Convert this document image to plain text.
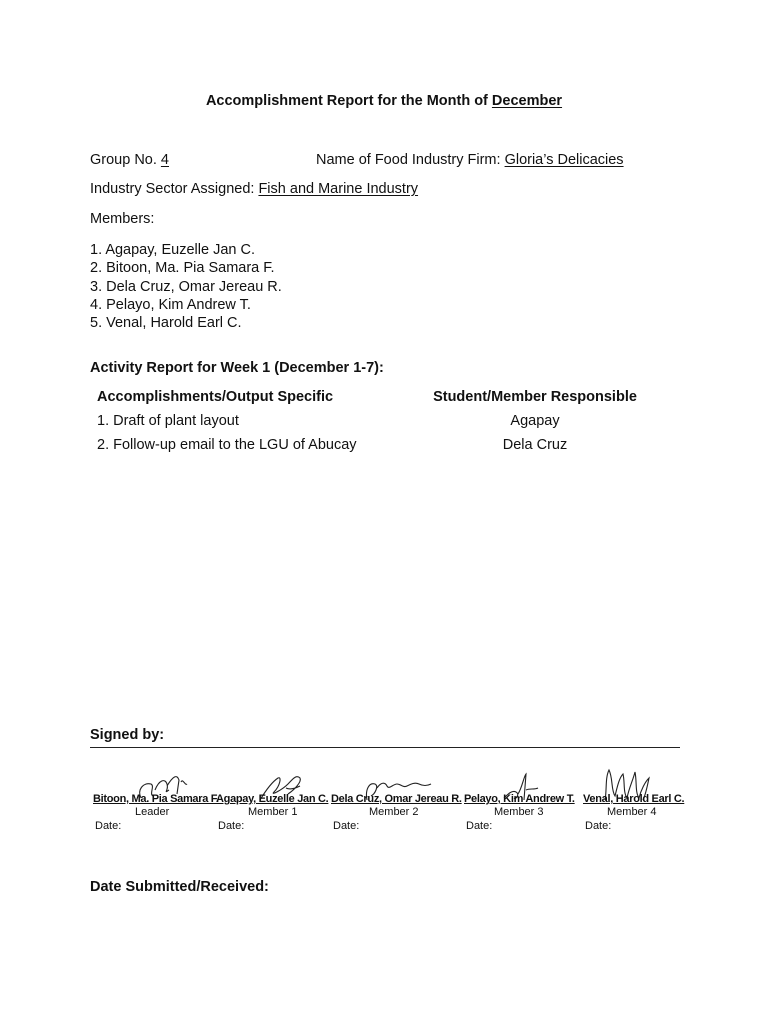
Accomplishment Report for the Month of December
Group No. 4	Name of Food Industry Firm: Gloria’s Delicacies
Industry Sector Assigned: Fish and Marine Industry
Members:
1. Agapay, Euzelle Jan C.
2. Bitoon, Ma. Pia Samara F.
3. Dela Cruz, Omar Jereau R.
4. Pelayo, Kim Andrew T.
5. Venal, Harold Earl C.
Activity Report for Week 1 (December 1-7):
Accomplishments/Output Specific	Student/Member Responsible
1. Draft of plant layout	Agapay
2. Follow-up email to the LGU of Abucay	Dela Cruz
Signed by:
Bitoon, Ma. Pia Samara F.
Leader
Date:
Agapay, Euzelle Jan C.
Member 1
Date:
Dela Cruz, Omar Jereau R.
Member 2
Date:
Pelayo, Kim Andrew T.
Member 3
Date:
Venal, Harold Earl C.
Member 4
Date:
Date Submitted/Received:
